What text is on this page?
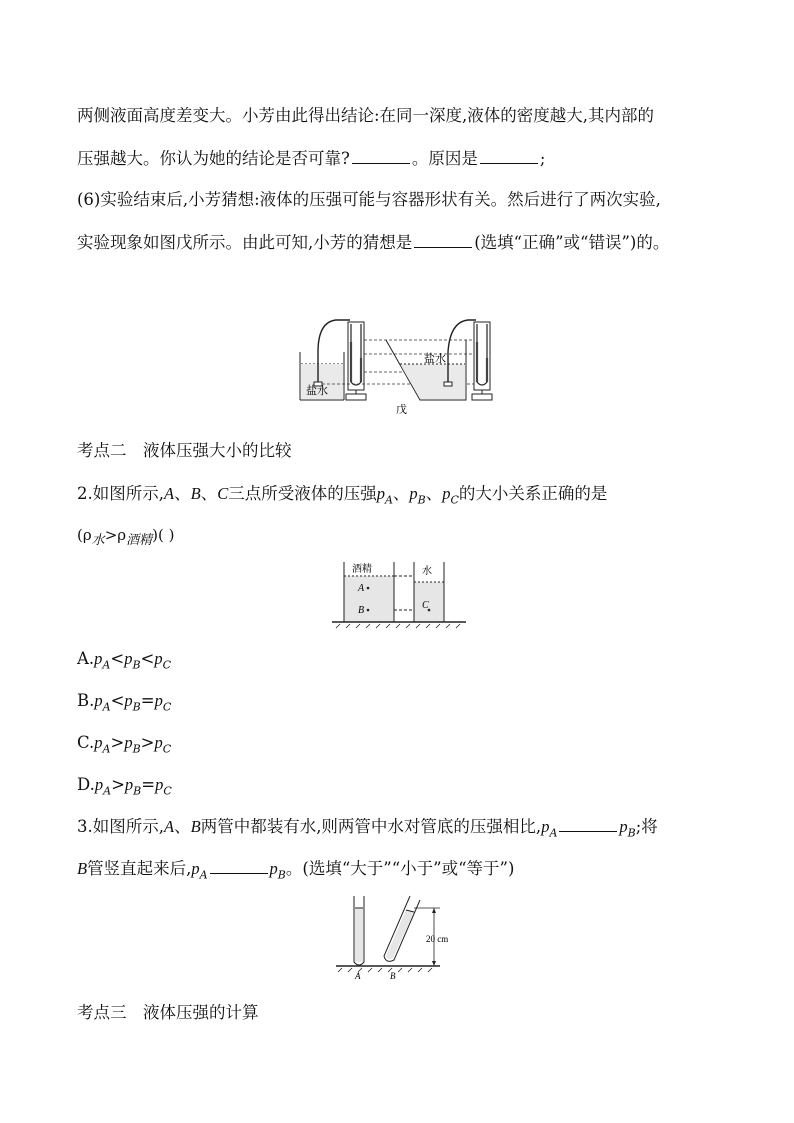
两侧液面高度差变大。小芳由此得出结论:在同一深度,液体的密度越大,其内部的
压强越大。你认为她的结论是否可靠?	。原因是	;
(6)实验结束后,小芳猜想:液体的压强可能与容器形状有关。然后进行了两次实验,
实验现象如图戊所示。由此可知,小芳的猜想是	(选填“正确”或“错误”)的。
盐水
盐水
戊
考点二　液体压强大小的比较
2.如图所示,A、B、C三点所受液体的压强$p_A$、$p_B$、$p_C$的大小关系正确的是
$(\rho_水>\rho_{酒精})$( )
酒精	水
A
B	C
$A.p_A<p_B<p_C$
$B.p_A<p_B=p_C$
$C.p_A>p_B>p_C$
$D.p_A>p_B=p_C$
3.如图所示,A、B两管中都装有水,则两管中水对管底的压强相比$,p_A$	$p_B$;将
B管竖直起来后$,p_A$	$p_B$。(选填“大于”“小于”或“等于”)
20 cm
A	B
考点三　液体压强的计算
